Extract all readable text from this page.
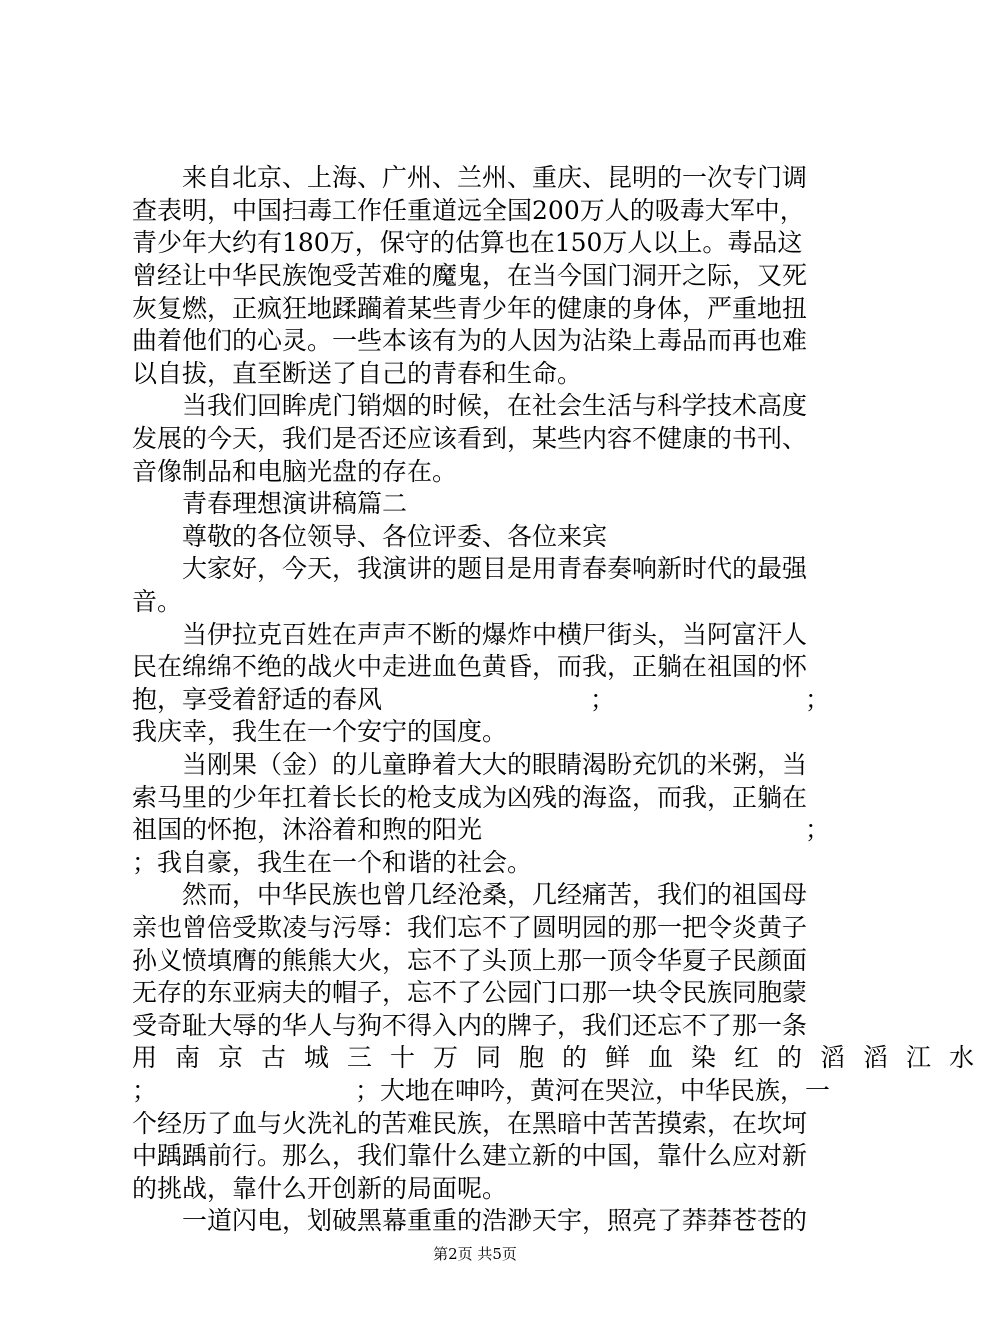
来自北京、上海、广州、兰州、重庆、昆明的一次专门调
查表明，中国扫毒工作任重道远全国200万人的吸毒大军中，
青少年大约有180万，保守的估算也在150万人以上。毒品这
曾经让中华民族饱受苦难的魔鬼，在当今国门洞开之际，又死
灰复燃，正疯狂地蹂躏着某些青少年的健康的身体，严重地扭
曲着他们的心灵。一些本该有为的人因为沾染上毒品而再也难
以自拔，直至断送了自己的青春和生命。
当我们回眸虎门销烟的时候，在社会生活与科学技术高度
发展的今天，我们是否还应该看到，某些内容不健康的书刊、
音像制品和电脑光盘的存在。
青春理想演讲稿篇二
尊敬的各位领导、各位评委、各位来宾
大家好，今天，我演讲的题目是用青春奏响新时代的最强
音。
当伊拉克百姓在声声不断的爆炸中横尸街头，当阿富汗人
民在绵绵不绝的战火中走进血色黄昏，而我，正躺在祖国的怀
抱，享受着舒适的春风	；	；
我庆幸，我生在一个安宁的国度。
当刚果（金）的儿童睁着大大的眼睛渴盼充饥的米粥，当
索马里的少年扛着长长的枪支成为凶残的海盗，而我，正躺在
祖国的怀抱，沐浴着和煦的阳光	；
；我自豪，我生在一个和谐的社会。
然而，中华民族也曾几经沧桑，几经痛苦，我们的祖国母
亲也曾倍受欺凌与污辱：我们忘不了圆明园的那一把令炎黄子
孙义愤填膺的熊熊大火，忘不了头顶上那一顶令华夏子民颜面
无存的东亚病夫的帽子，忘不了公园门口那一块令民族同胞蒙
受奇耻大辱的华人与狗不得入内的牌子，我们还忘不了那一条
用南京古城三十万同胞的鲜血染红的滔滔江水
；	；大地在呻吟，黄河在哭泣，中华民族，一
个经历了血与火洗礼的苦难民族，在黑暗中苦苦摸索，在坎坷
中踽踽前行。那么，我们靠什么建立新的中国，靠什么应对新
的挑战，靠什么开创新的局面呢。
一道闪电，划破黑幕重重的浩渺天宇，照亮了莽莽苍苍的
第2页 共5页
